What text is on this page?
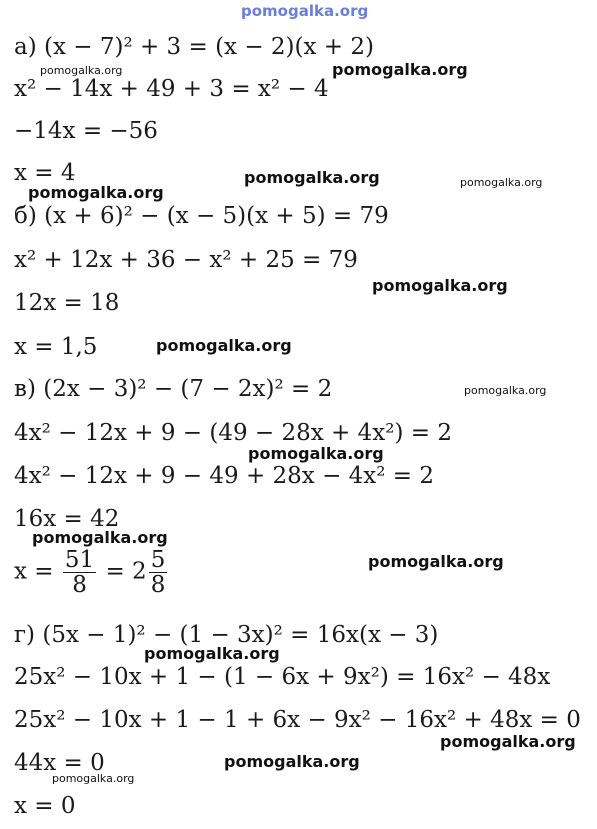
pomogalka.org
а) (x − 7)² + 3 = (x − 2)(x + 2)
x² − 14x + 49 + 3 = x² − 4
−14x = −56
x = 4
б) (x + 6)² − (x − 5)(x + 5) = 79
x² + 12x + 36 − x² + 25 = 79
12x = 18
x = 1,5
в) (2x − 3)² − (7 − 2x)² = 2
4x² − 12x + 9 − (49 − 28x + 4x²) = 2
4x² − 12x + 9 − 49 + 28x − 4x² = 2
16x = 42
$x = \frac{51}{8} = 2 \frac{5}{8}$
г) (5x − 1)² − (1 − 3x)² = 16x(x − 3)
25x² − 10x + 1 − (1 − 6x + 9x²) = 16x² − 48x
25x² − 10x + 1 − 1 + 6x − 9x² − 16x² + 48x = 0
44x = 0
x = 0
pomogalka.org	pomogalka.org
pomogalka.org
pomogalka.org
pomogalka.org
pomogalka.org
pomogalka.org
pomogalka.org
pomogalka.org
pomogalka.org
pomogalka.org
pomogalka.org
pomogalka.org
pomogalka.org
pomogalka.org
